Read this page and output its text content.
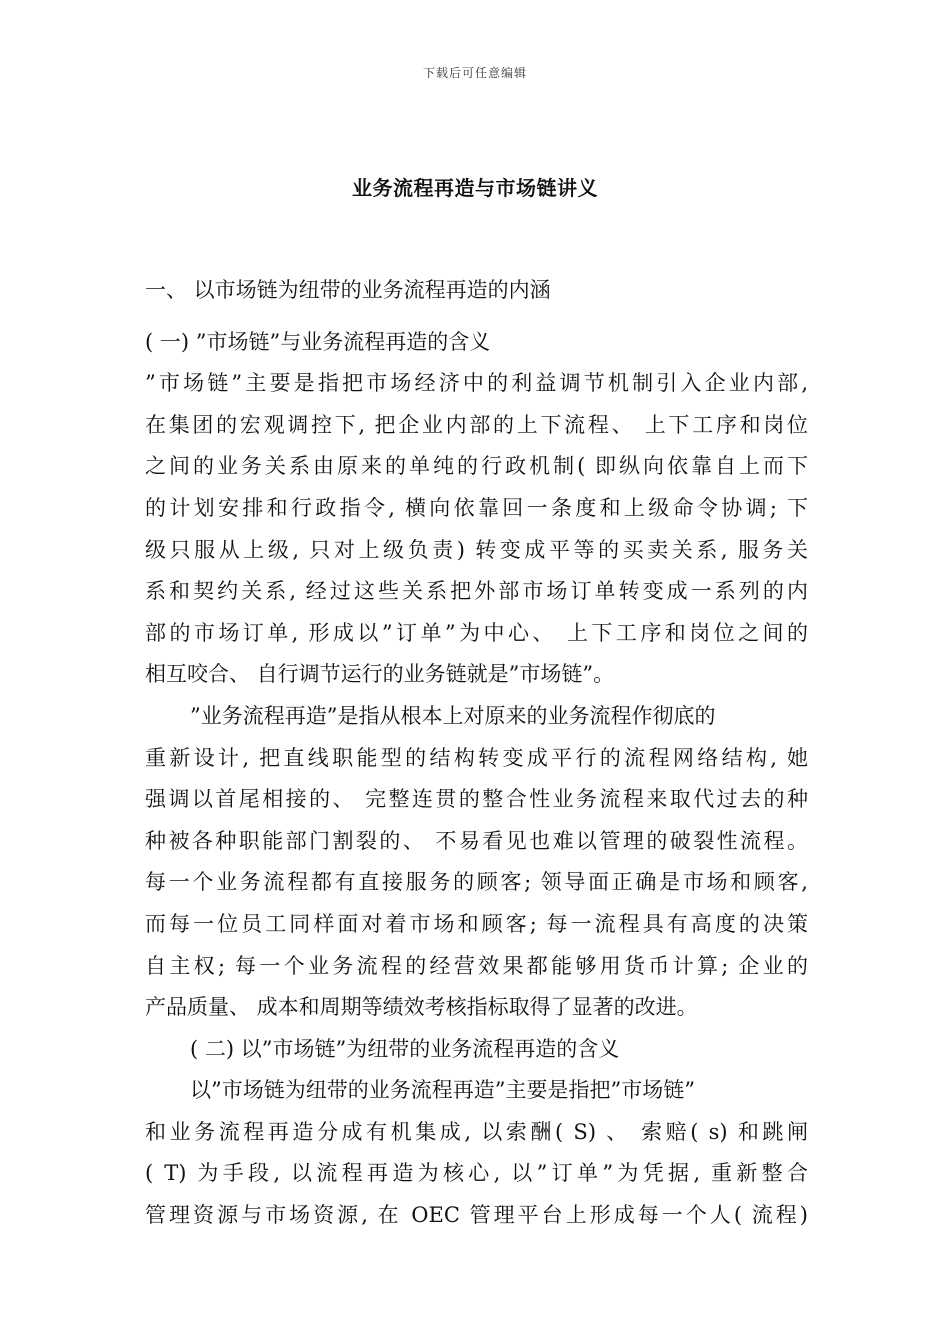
下载后可任意编辑
业务流程再造与市场链讲义
一、 以市场链为纽带的业务流程再造的内涵
( 一) ”市场链”与业务流程再造的含义
”市场链”主要是指把市场经济中的利益调节机制引入企业内部,
在集团的宏观调控下, 把企业内部的上下流程、 上下工序和岗位
之间的业务关系由原来的单纯的行政机制( 即纵向依靠自上而下
的计划安排和行政指令, 横向依靠回一条度和上级命令协调; 下
级只服从上级, 只对上级负责) 转变成平等的买卖关系, 服务关
系和契约关系, 经过这些关系把外部市场订单转变成一系列的内
部的市场订单, 形成以”订单”为中心、 上下工序和岗位之间的
相互咬合、 自行调节运行的业务链就是”市场链”。
”业务流程再造”是指从根本上对原来的业务流程作彻底的
重新设计, 把直线职能型的结构转变成平行的流程网络结构, 她
强调以首尾相接的、 完整连贯的整合性业务流程来取代过去的种
种被各种职能部门割裂的、 不易看见也难以管理的破裂性流程。
每一个业务流程都有直接服务的顾客; 领导面正确是市场和顾客,
而每一位员工同样面对着市场和顾客; 每一流程具有高度的决策
自主权; 每一个业务流程的经营效果都能够用货币计算; 企业的
产品质量、 成本和周期等绩效考核指标取得了显著的改进。
( 二) 以”市场链”为纽带的业务流程再造的含义
以”市场链为纽带的业务流程再造”主要是指把”市场链”
和业务流程再造分成有机集成, 以索酬( S) 、 索赔( s) 和跳闸
( T) 为手段, 以流程再造为核心, 以”订单”为凭据, 重新整合
管理资源与市场资源, 在 OEC 管理平台上形成每一个人( 流程)
